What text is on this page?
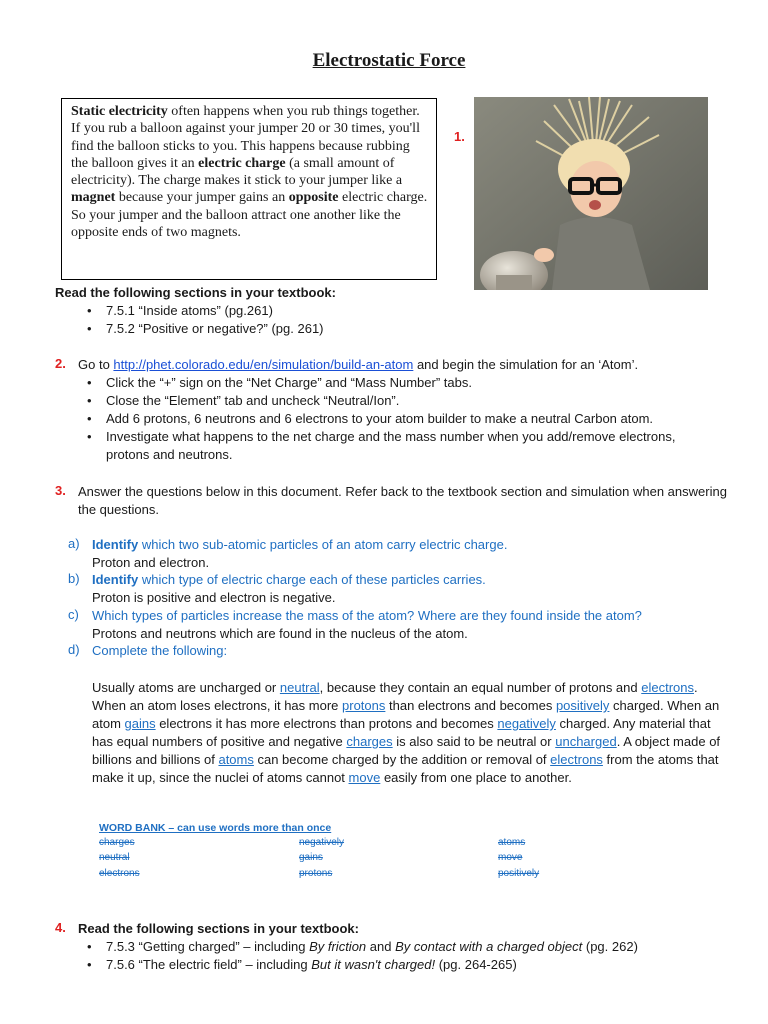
Electrostatic Force
Static electricity often happens when you rub things together. If you rub a balloon against your jumper 20 or 30 times, you'll find the balloon sticks to you. This happens because rubbing the balloon gives it an electric charge (a small amount of electricity). The charge makes it stick to your jumper like a magnet because your jumper gains an opposite electric charge. So your jumper and the balloon attract one another like the opposite ends of two magnets.
1.
Read the following sections in your textbook:
• 7.5.1 “Inside atoms” (pg.261)
• 7.5.2 “Positive or negative?” (pg. 261)
2. Go to http://phet.colorado.edu/en/simulation/build-an-atom and begin the simulation for an ‘Atom’.
• Click the “+” sign on the “Net Charge” and “Mass Number” tabs.
• Close the “Element” tab and uncheck “Neutral/Ion”.
• Add 6 protons, 6 neutrons and 6 electrons to your atom builder to make a neutral Carbon atom.
• Investigate what happens to the net charge and the mass number when you add/remove electrons, protons and neutrons.
3. Answer the questions below in this document. Refer back to the textbook section and simulation when answering the questions.
a) Identify which two sub-atomic particles of an atom carry electric charge.
Proton and electron.
b) Identify which type of electric charge each of these particles carries.
Proton is positive and electron is negative.
c) Which types of particles increase the mass of the atom? Where are they found inside the atom?
Protons and neutrons which are found in the nucleus of the atom.
d) Complete the following:
Usually atoms are uncharged or neutral, because they contain an equal number of protons and electrons. When an atom loses electrons, it has more protons than electrons and becomes positively charged. When an atom gains electrons it has more electrons than protons and becomes negatively charged. Any material that has equal numbers of positive and negative charges is also said to be neutral or uncharged. A object made of billions and billions of atoms can become charged by the addition or removal of electrons from the atoms that make it up, since the nuclei of atoms cannot move easily from one place to another.
WORD BANK – can use words more than once
charges
neutral
electrons
negatively
gains
protons
atoms
move
positively
4. Read the following sections in your textbook:
• 7.5.3 “Getting charged” – including By friction and By contact with a charged object (pg. 262)
• 7.5.6 “The electric field” – including But it wasn't charged! (pg. 264-265)
